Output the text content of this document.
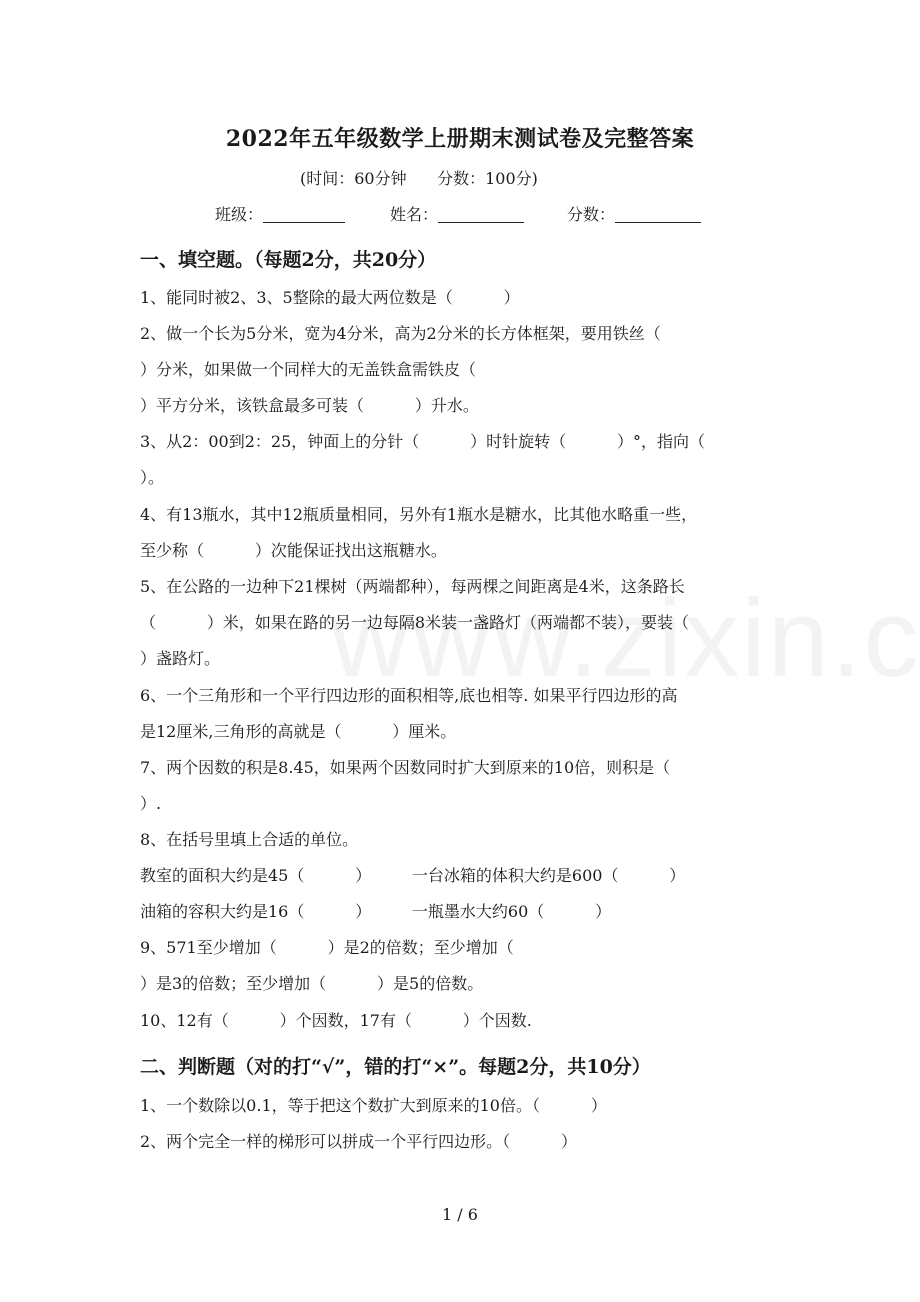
2022年五年级数学上册期末测试卷及完整答案
(时间：60分钟      分数：100分)
班级：	姓名：	分数：
一、填空题。（每题2分，共20分）
1、能同时被2、3、5整除的最大两位数是（          ）
2、做一个长为5分米，宽为4分米，高为2分米的长方体框架，要用铁丝（
）分米，如果做一个同样大的无盖铁盒需铁皮（
）平方分米，该铁盒最多可装（          ）升水。
3、从2：00到2：25，钟面上的分针（          ）时针旋转（          ）°，指向（
）。
4、有13瓶水，其中12瓶质量相同，另外有1瓶水是糖水，比其他水略重一些，
至少称（          ）次能保证找出这瓶糖水。
5、在公路的一边种下21棵树（两端都种），每两棵之间距离是4米，这条路长
（          ）米，如果在路的另一边每隔8米装一盏路灯（两端都不装），要装（
）盏路灯。
6、一个三角形和一个平行四边形的面积相等,底也相等. 如果平行四边形的高
是12厘米,三角形的高就是（          ）厘米。
7、两个因数的积是8.45，如果两个因数同时扩大到原来的10倍，则积是（
）.
8、在括号里填上合适的单位。
教室的面积大约是45（          ）        一台冰箱的体积大约是600（          ）
油箱的容积大约是16（          ）        一瓶墨水大约60（          ）
9、571至少增加（          ）是2的倍数；至少增加（
）是3的倍数；至少增加（          ）是5的倍数。
10、12有（          ）个因数，17有（          ）个因数.
二、判断题（对的打“√”，错的打“×”。每题2分，共10分）
1、一个数除以0.1，等于把这个数扩大到原来的10倍。（          ）
2、两个完全一样的梯形可以拼成一个平行四边形。（          ）
1 / 6
